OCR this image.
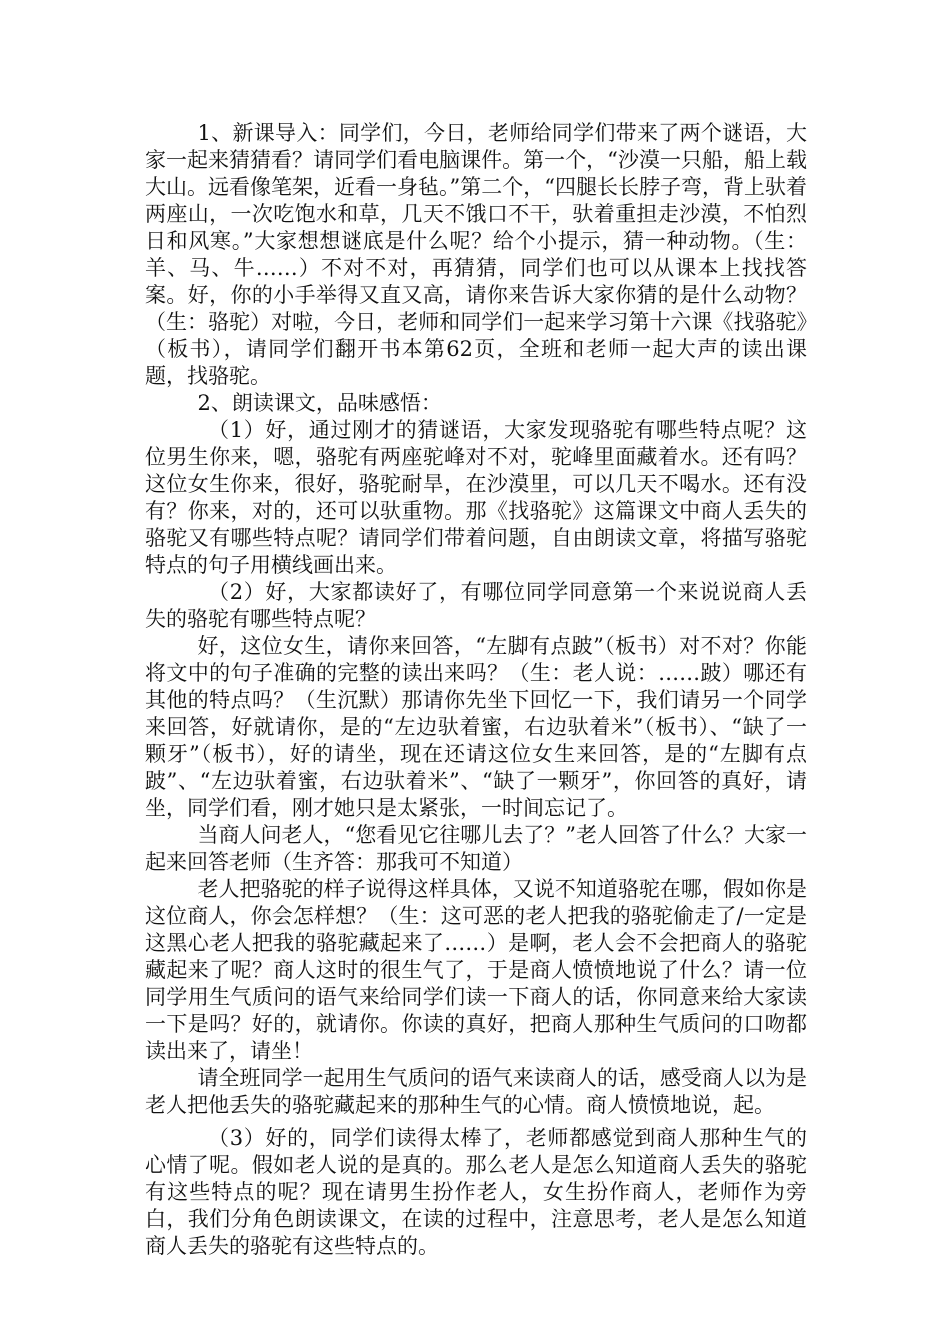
1、新课导入：同学们，今日，老师给同学们带来了两个谜语，大家一起来猜猜看？请同学们看电脑课件。第一个，“沙漠一只船，船上载大山。远看像笔架，近看一身毡。”第二个，“四腿长长脖子弯，背上驮着两座山，一次吃饱水和草，几天不饿口不干，驮着重担走沙漠，不怕烈日和风寒。”大家想想谜底是什么呢？给个小提示，猜一种动物。（生：羊、马、牛……）不对不对，再猜猜，同学们也可以从课本上找找答案。好，你的小手举得又直又高，请你来告诉大家你猜的是什么动物？（生：骆驼）对啦，今日，老师和同学们一起来学习第十六课《找骆驼》（板书），请同学们翻开书本第62页，全班和老师一起大声的读出课题，找骆驼。

2、朗读课文，品味感悟：

（1）好，通过刚才的猜谜语，大家发现骆驼有哪些特点呢？这位男生你来，嗯，骆驼有两座驼峰对不对，驼峰里面藏着水。还有吗？这位女生你来，很好，骆驼耐旱，在沙漠里，可以几天不喝水。还有没有？你来，对的，还可以驮重物。那《找骆驼》这篇课文中商人丢失的骆驼又有哪些特点呢？请同学们带着问题，自由朗读文章，将描写骆驼特点的句子用横线画出来。

（2）好，大家都读好了，有哪位同学同意第一个来说说商人丢失的骆驼有哪些特点呢？

好，这位女生，请你来回答，“左脚有点跛”（板书）对不对？你能将文中的句子准确的完整的读出来吗？（生：老人说：……跛）哪还有其他的特点吗？（生沉默）那请你先坐下回忆一下，我们请另一个同学来回答，好就请你，是的“左边驮着蜜，右边驮着米”（板书）、“缺了一颗牙”（板书），好的请坐，现在还请这位女生来回答，是的“左脚有点跛”、“左边驮着蜜，右边驮着米”、“缺了一颗牙”，你回答的真好，请坐，同学们看，刚才她只是太紧张，一时间忘记了。

当商人问老人，“您看见它往哪儿去了？”老人回答了什么？大家一起来回答老师（生齐答：那我可不知道）

老人把骆驼的样子说得这样具体，又说不知道骆驼在哪，假如你是这位商人，你会怎样想？（生：这可恶的老人把我的骆驼偷走了/一定是这黑心老人把我的骆驼藏起来了……）是啊，老人会不会把商人的骆驼藏起来了呢？商人这时的很生气了，于是商人愤愤地说了什么？请一位同学用生气质问的语气来给同学们读一下商人的话，你同意来给大家读一下是吗？好的，就请你。你读的真好，把商人那种生气质问的口吻都读出来了，请坐！

请全班同学一起用生气质问的语气来读商人的话，感受商人以为是老人把他丢失的骆驼藏起来的那种生气的心情。商人愤愤地说，起。

（3）好的，同学们读得太棒了，老师都感觉到商人那种生气的心情了呢。假如老人说的是真的。那么老人是怎么知道商人丢失的骆驼有这些特点的呢？现在请男生扮作老人，女生扮作商人，老师作为旁白，我们分角色朗读课文，在读的过程中，注意思考，老人是怎么知道商人丢失的骆驼有这些特点的。
